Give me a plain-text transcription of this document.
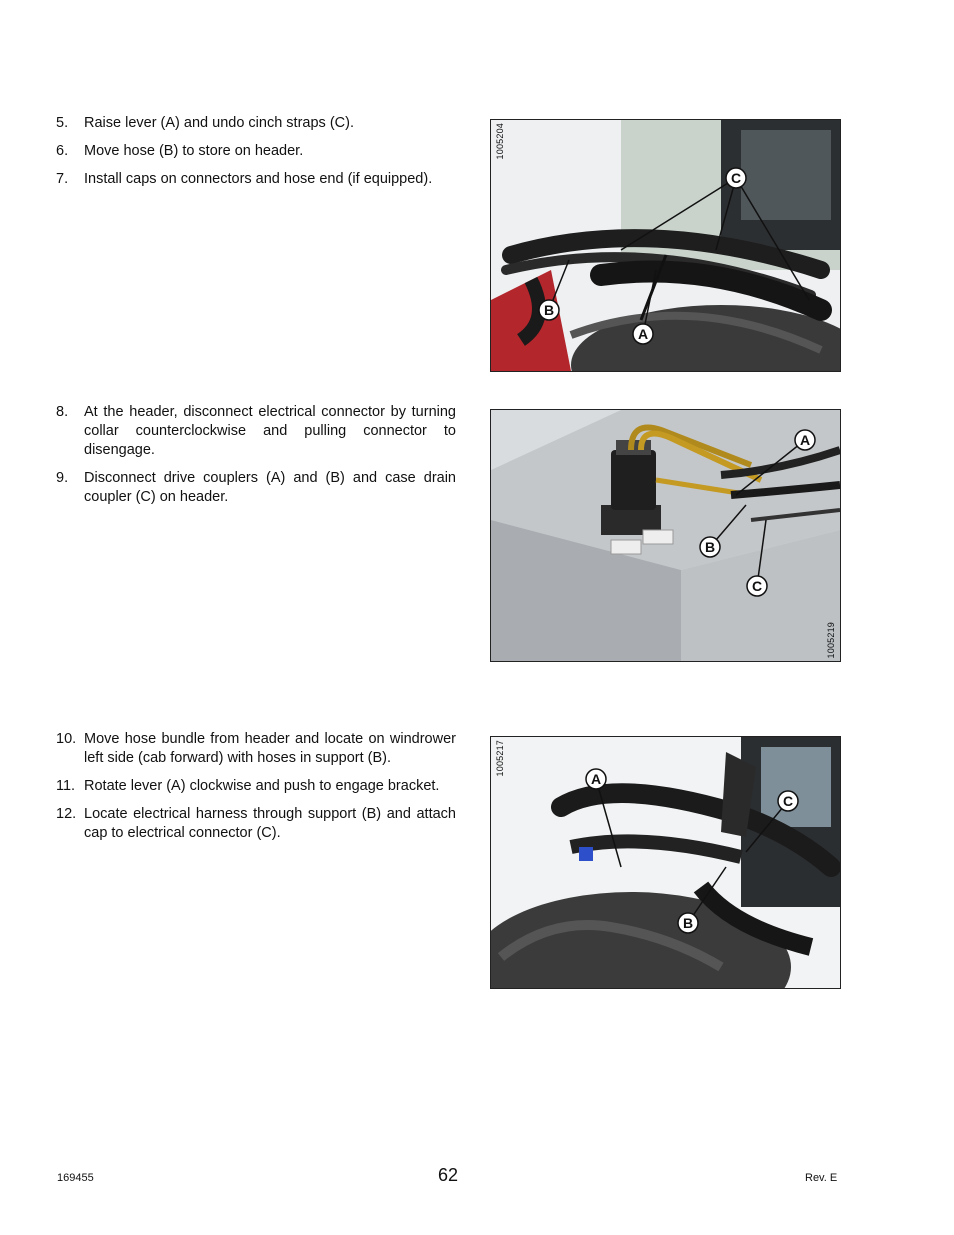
5. Raise lever (A) and undo cinch straps (C).
6. Move hose (B) to store on header.
7. Install caps on connectors and hose end (if equipped).	C
B
A
1005204
8. At the header, disconnect electrical connector by turning collar counterclockwise and pulling connector to disengage.
9. Disconnect drive couplers (A) and (B) and case drain coupler (C) on header.
A
B
C
1005219
10. Move hose bundle from header and locate on windrower left side (cab forward) with hoses in support (B).
11. Rotate lever (A) clockwise and push to engage bracket.
12. Locate electrical harness through support (B) and attach cap to electrical connector (C).
A
C
B
1005217
169455	62	Rev. E
